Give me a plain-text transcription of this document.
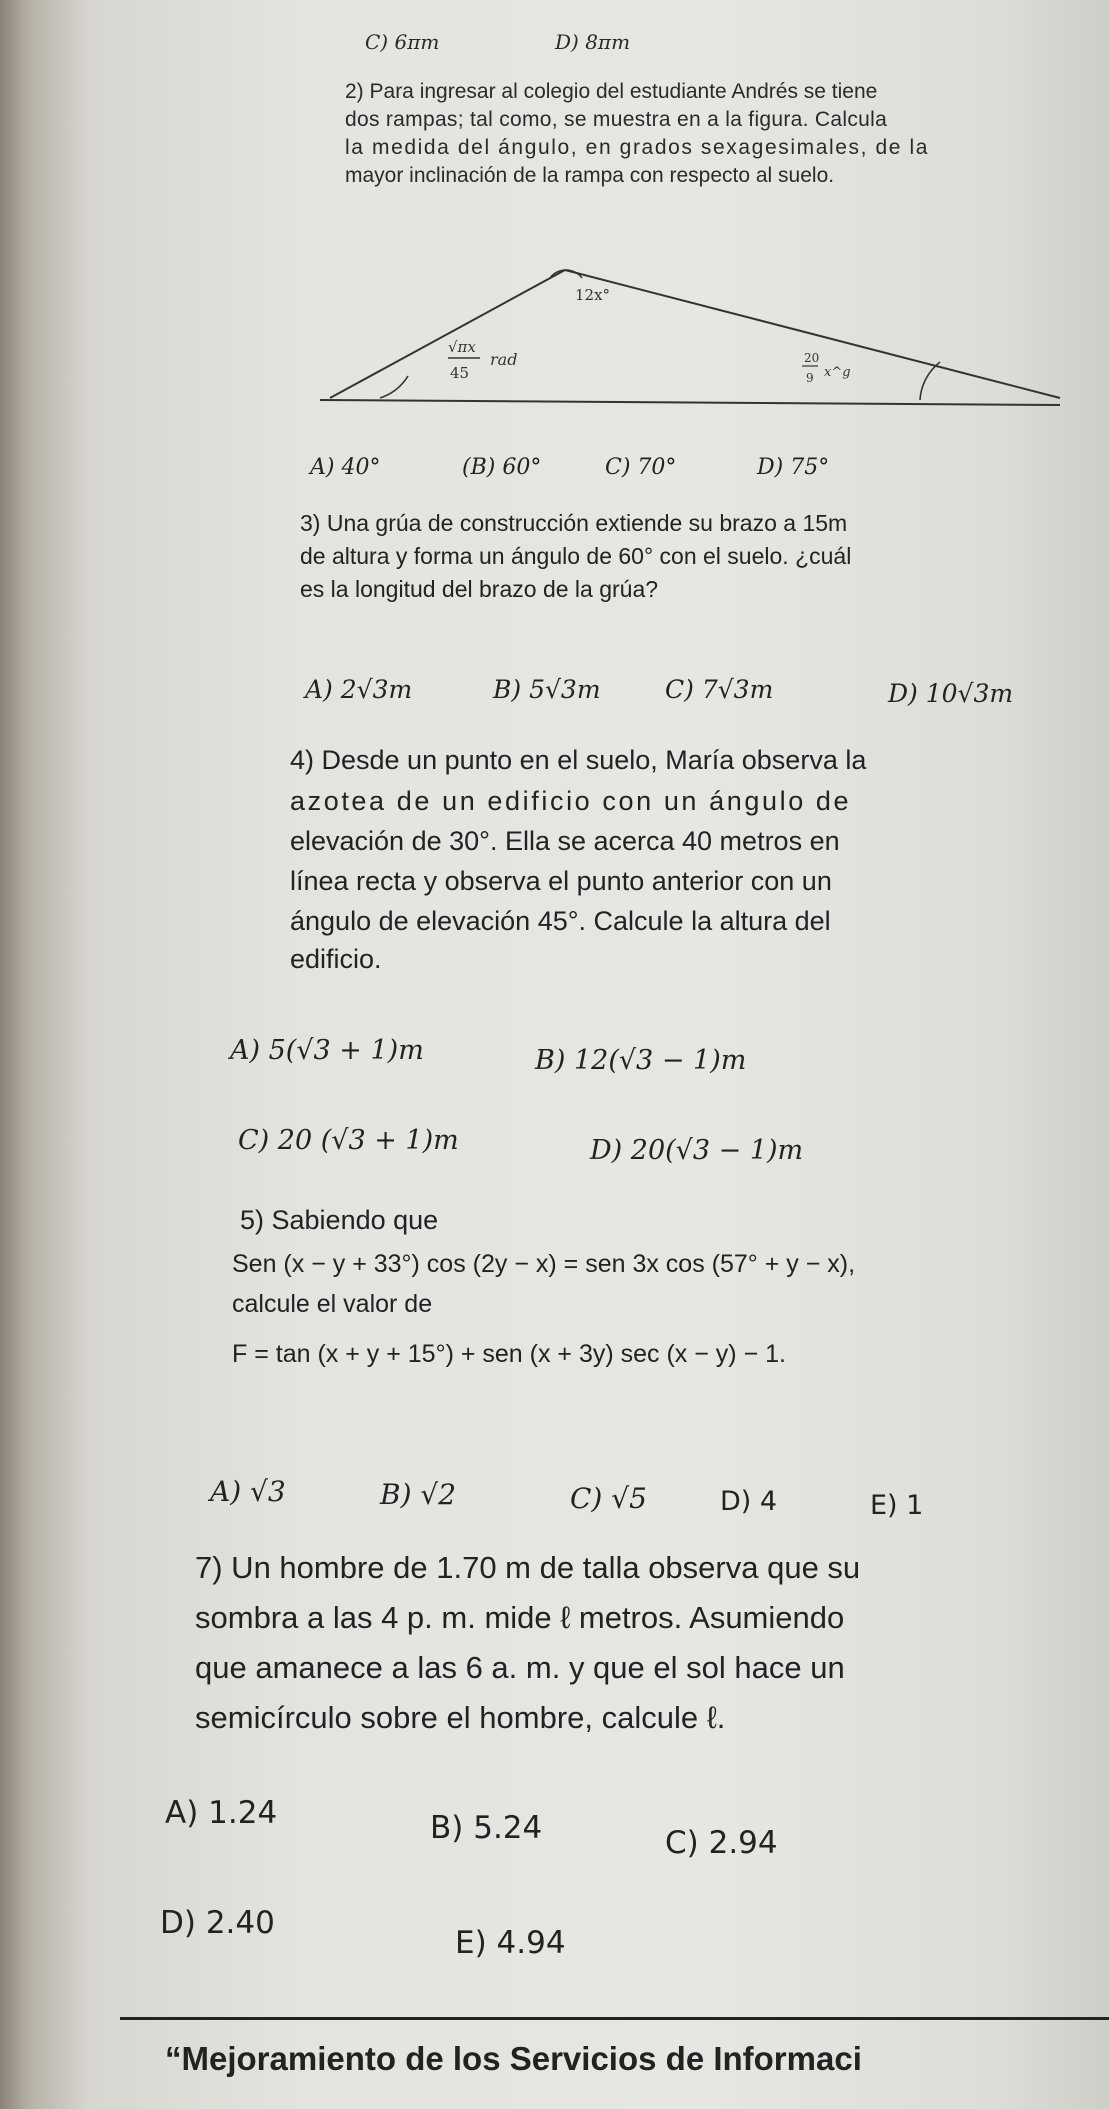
C) 6πm	D) 8πm
2) Para ingresar al colegio del estudiante Andrés se tiene
dos rampas; tal como, se muestra en a la figura. Calcula
la medida del ángulo, en grados sexagesimales, de la
mayor inclinación de la rampa con respecto al suelo.
12x°
√πx
45
rad	20
9 x^g
A) 40°	(B) 60°	C) 70°	D) 75°
3) Una grúa de construcción extiende su brazo a 15m
de altura y forma un ángulo de 60° con el suelo. ¿cuál
es la longitud del brazo de la grúa?
A) 2√3m	B) 5√3m	C) 7√3m	D) 10√3m
4) Desde un punto en el suelo, María observa la
azotea de un edificio con un ángulo de
elevación de 30°. Ella se acerca 40 metros en
línea recta y observa el punto anterior con un
ángulo de elevación 45°. Calcule la altura del
edificio.
A) 5(√3 + 1)m	B) 12(√3 − 1)m
C) 20 (√3 + 1)m	D) 20(√3 − 1)m
5) Sabiendo que
Sen (x − y + 33°) cos (2y − x) = sen 3x cos (57° + y − x),
calcule el valor de
F = tan (x + y + 15°) + sen (x + 3y) sec (x − y) − 1.
A) √3	B) √2	C) √5	D) 4	E) 1
7) Un hombre de 1.70 m de talla observa que su
sombra a las 4 p. m. mide ℓ metros. Asumiendo
que amanece a las 6 a. m. y que el sol hace un
semicírculo sobre el hombre, calcule ℓ.
A) 1.24	B) 5.24	C) 2.94
D) 2.40
E) 4.94
“Mejoramiento de los Servicios de Informaci
